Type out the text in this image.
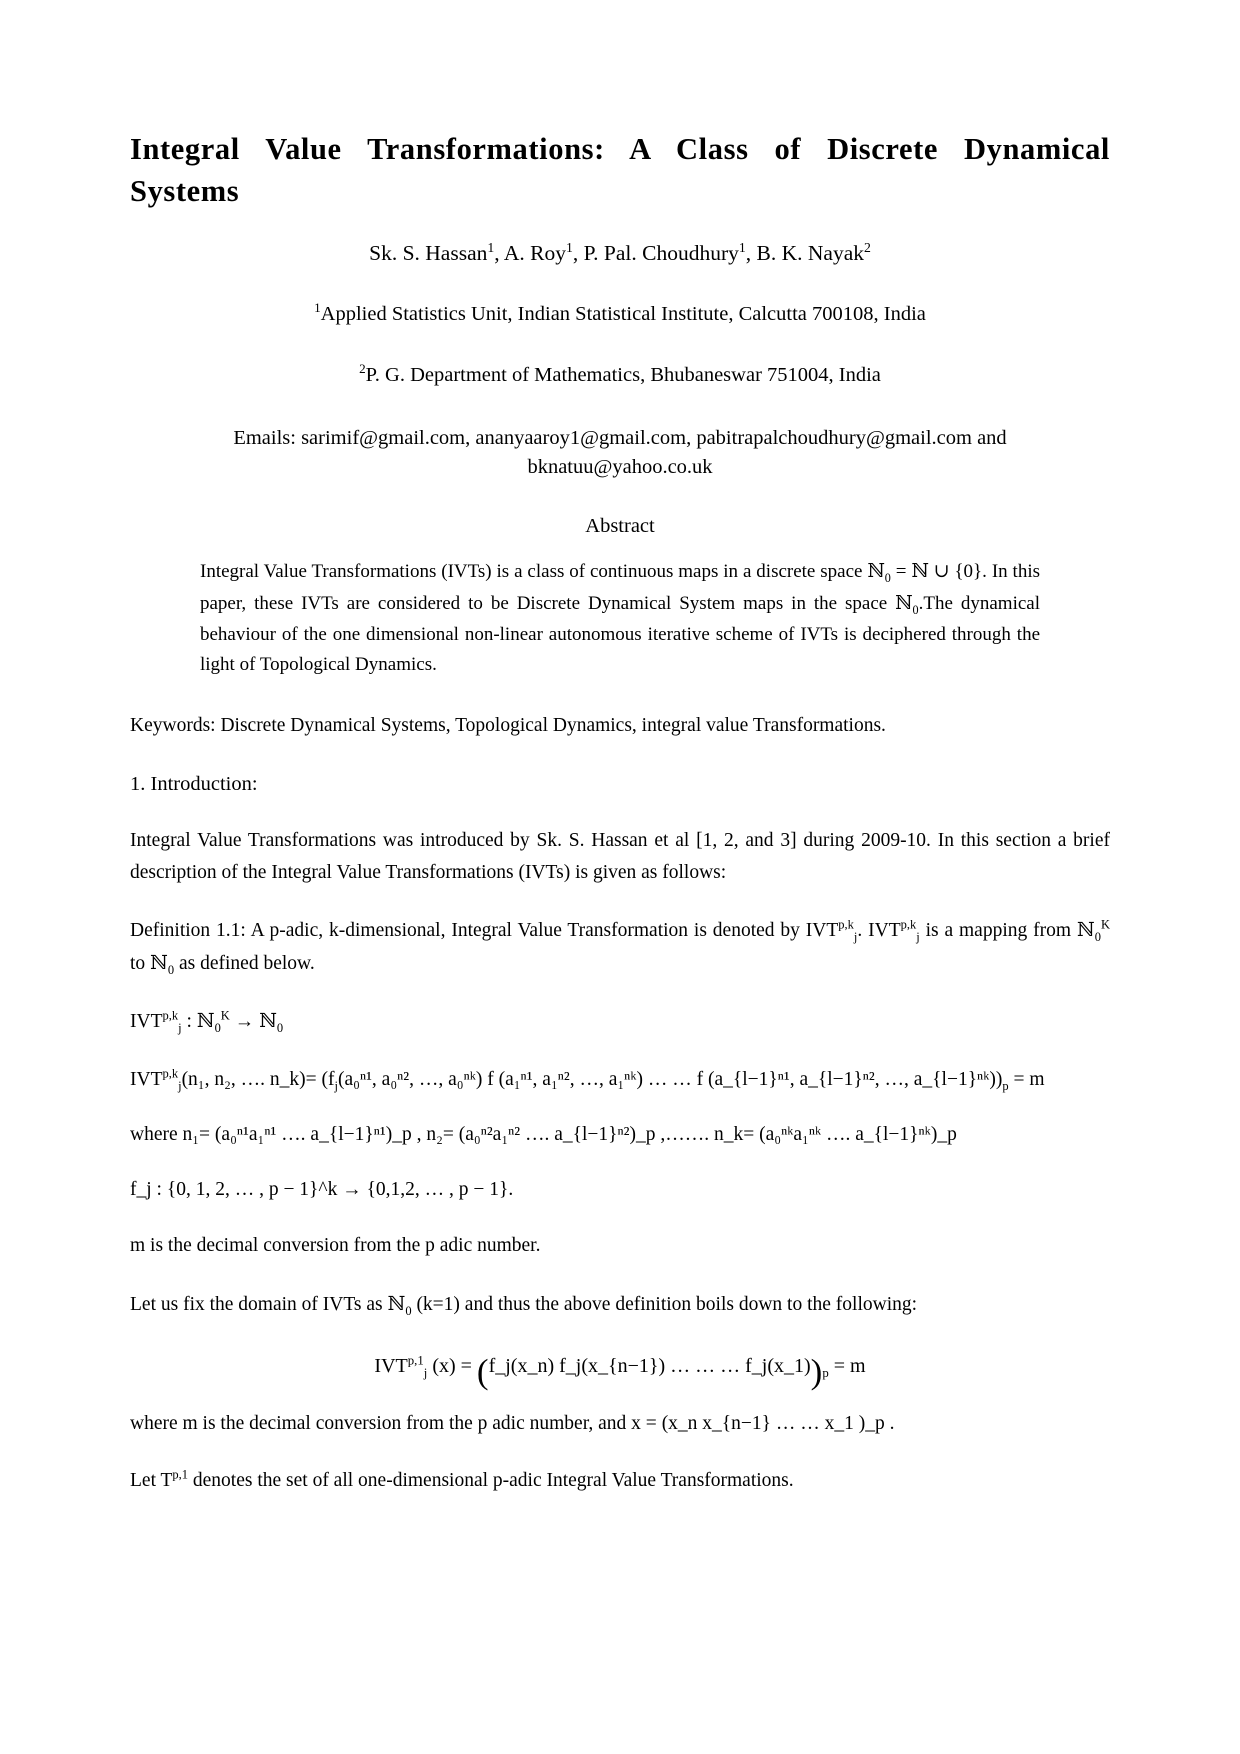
Integral Value Transformations: A Class of Discrete Dynamical Systems
Sk. S. Hassan$^1$, A. Roy$^1$, P. Pal. Choudhury$^1$, B. K. Nayak$^2$
$^1$Applied Statistics Unit, Indian Statistical Institute, Calcutta 700108, India
$^2$P. G. Department of Mathematics, Bhubaneswar 751004, India
Emails: sarimif@gmail.com, ananyaaroy1@gmail.com, pabitrapalchoudhury@gmail.com and
bknatuu@yahoo.co.uk
Abstract
Integral Value Transformations (IVTs) is a class of continuous maps in a discrete space ℕ$_0$ = ℕ ∪ {0}. In this paper, these IVTs are considered to be Discrete Dynamical System maps in the space ℕ$_0$.The dynamical behaviour of the one dimensional non-linear autonomous iterative scheme of IVTs is deciphered through the light of Topological Dynamics.
Keywords: Discrete Dynamical Systems, Topological Dynamics, integral value Transformations.
1. Introduction:
Integral Value Transformations was introduced by Sk. S. Hassan et al [1, 2, and 3] during 2009-10. In this section a brief description of the Integral Value Transformations (IVTs) is given as follows:
Definition 1.1: A p-adic, k-dimensional, Integral Value Transformation is denoted by IVT$^{p,k}_j$. IVT$^{p,k}_j$ is a mapping from ℕ$_0^K$ to ℕ$_0$ as defined below.
IVT$^{p,k}_j$ : ℕ$_0^K$ → ℕ$_0$
IVT$^{p,k}_j$(n₁, n₂, …. n_k)= ($f_j(a_0^{n1}$, a₀ⁿ², …, a₀ⁿᵏ) f (a₁ⁿ¹, a₁ⁿ², …, a₁ⁿᵏ) … … f (a_{l−1}ⁿ¹, a_{l−1}ⁿ², …, $a\_\{l-1\}^nᵏ))_p = m$
where n₁= (a₀ⁿ¹a₁ⁿ¹ …. a_{l−1}ⁿ¹)_p , n₂= (a₀ⁿ²a₁ⁿ² …. a_{l−1}ⁿ²)_p ,……. n_k= (a₀ⁿᵏa₁ⁿᵏ …. a_{l−1}ⁿᵏ)_p
f_j : {0, 1, 2, … , p − 1}^k → {0,1,2, … , p − 1}.
m is the decimal conversion from the p adic number.
Let us fix the domain of IVTs as ℕ$_0$ (k=1) and thus the above definition boils down to the following:
IVT$^{p,1}_j$ (x) = (f_j(x_n) f_j(x_{n−1}) … … … $f\_j(x\_1))_p = m$
where m is the decimal conversion from the p adic number, and x = (x_n x_{n−1} … … x_1 )_p .
Let T$^{p,1}$ denotes the set of all one-dimensional p-adic Integral Value Transformations.
